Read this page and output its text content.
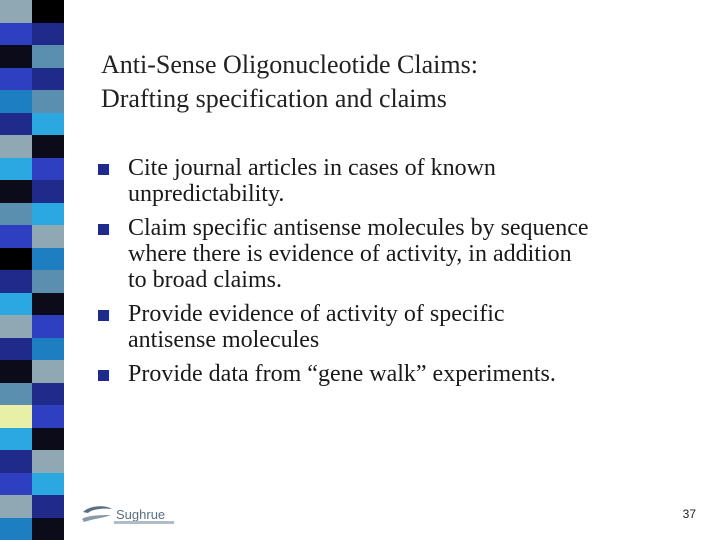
Anti-Sense Oligonucleotide Claims:
Drafting specification and claims
Cite journal articles in cases of known
unpredictability.
Claim specific antisense molecules by sequence
where there is evidence of activity, in addition
to broad claims.
Provide evidence of activity of specific
antisense molecules
Provide data from “gene walk” experiments.
Sughrue	37
